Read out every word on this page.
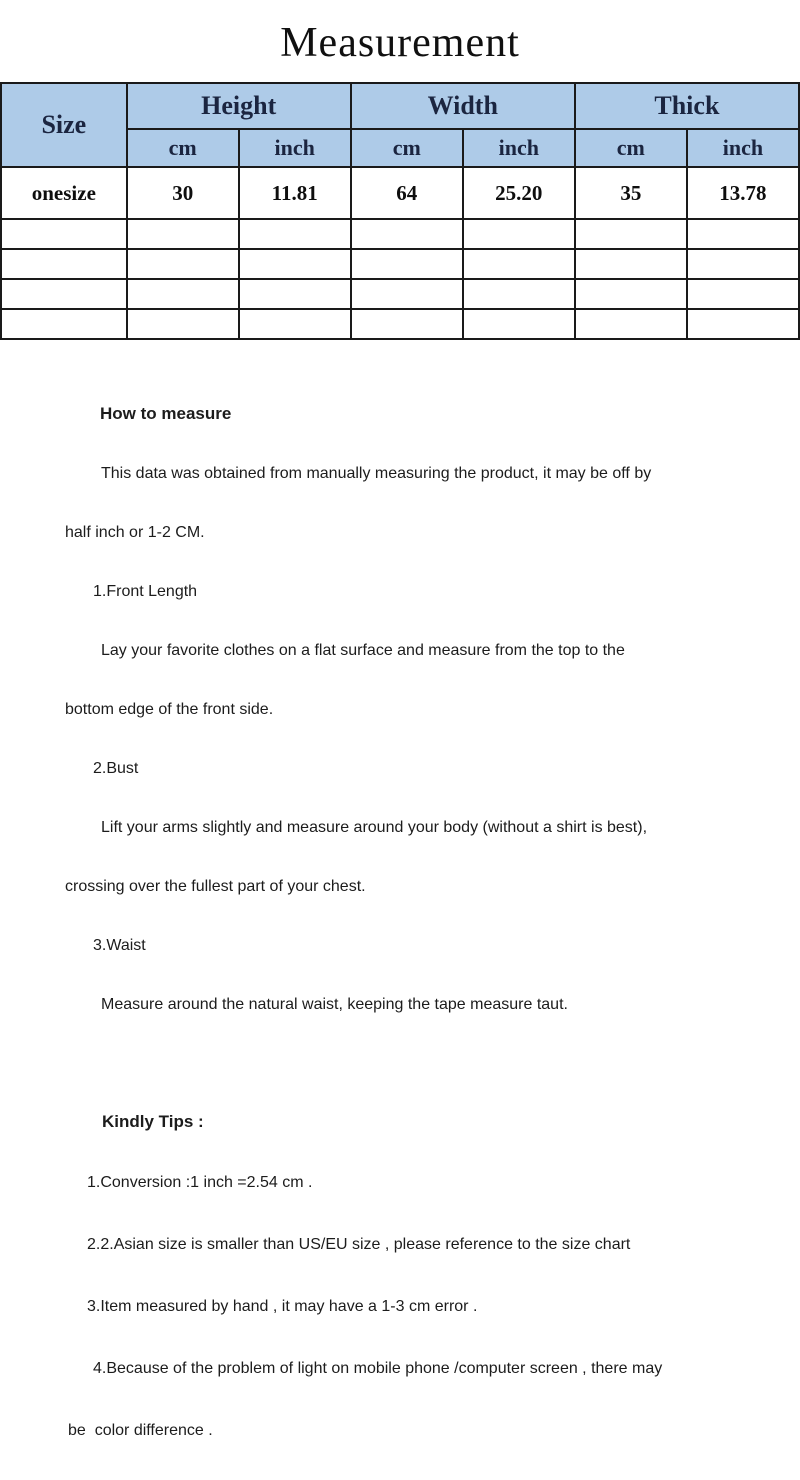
Measurement
Size	Height		Width		Thick	
	cm	inch	cm	inch	cm	inch
onesize	30	11.81	64	25.20	35	13.78

How to measure

This data was obtained from manually measuring the product, it may be off by

half inch or 1-2 CM.

1.Front Length

Lay your favorite clothes on a flat surface and measure from the top to the

bottom edge of the front side.

2.Bust

Lift your arms slightly and measure around your body (without a shirt is best),

crossing over the fullest part of your chest.

3.Waist

Measure around the natural waist, keeping the tape measure taut.

Kindly Tips :

1.Conversion :1 inch =2.54 cm .

2.2.Asian size is smaller than US/EU size , please reference to the size chart

3.Item measured by hand , it may have a 1-3 cm error .

4.Because of the problem of light on mobile phone /computer screen , there may

be  color difference .
